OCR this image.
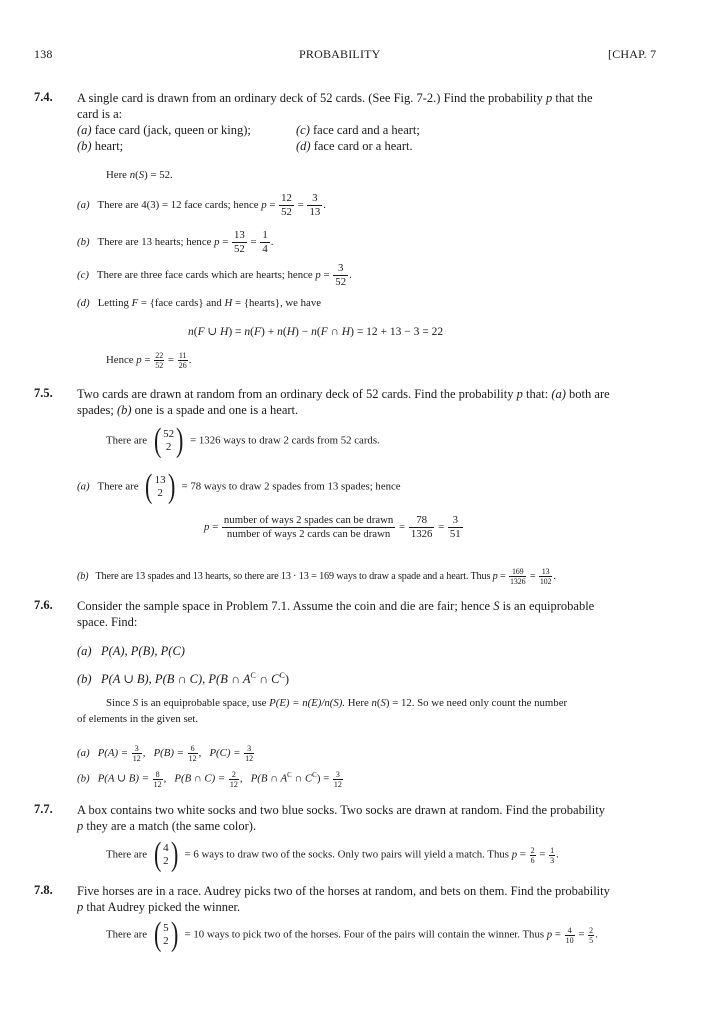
138	PROBABILITY	[CHAP. 7
7.4. A single card is drawn from an ordinary deck of 52 cards. (See Fig. 7-2.) Find the probability p that the
card is a:
(a) face card (jack, queen or king);	(c) face card and a heart;
(b) heart;	(d) face card or a heart.
Here n(S) = 52.
(a) There are 4(3) = 12 face cards; hence $p = \frac{12}{52} = \frac{3}{13}$ .
(b) There are 13 hearts; hence $p = \frac{13}{52} = \frac{1}{4}$ .
(c) There are three face cards which are hearts; hence $p = \frac{3}{52}$ .
(d) Letting F = {face cards} and H = {hearts}, we have
n(F ∪ H) = n(F) + n(H) − n(F ∩ H) = 12 + 13 − 3 = 22
Hence $p = \frac{22}{52} = \frac{11}{26}$ .
7.5. Two cards are drawn at random from an ordinary deck of 52 cards. Find the probability p that: (a) both are
spades; (b) one is a spade and one is a heart.
There are ( 52
2 ) = 1326 ways to draw 2 cards from 52 cards.
(a) There are ( 13
2 ) = 78 ways to draw 2 spades from 13 spades; hence
$p = \frac{\text{number of ways 2 spades can be drawn}}{\text{number of ways 2 cards can be drawn}} = \frac{78}{1326} = \frac{3}{51}$
(b) There are 13 spades and 13 hearts, so there are 13 · 13 = 169 ways to draw a spade and a heart. Thus $p = \frac{169}{1326} = \frac{13}{102}$ .
7.6. Consider the sample space in Problem 7.1. Assume the coin and die are fair; hence S is an equiprobable
space. Find:
(a) P(A), P(B), P(C)
(b) P(A ∪ B), P(B ∩ C), P(B ∩ $A^C$ ∩ $C^C$)
Since S is an equiprobable space, use P(E) = n(E)/n(S). Here n(S) = 12. So we need only count the number
of elements in the given set.
(a) $P(A) = \frac{3}{12}$ ,   $P(B) = \frac{6}{12}$ ,   $P(C) = \frac{3}{12}$
(b) P(A ∪ $B) = \frac{8}{12}$ ,   P(B ∩ $C) = \frac{2}{12}$ ,   P(B ∩ $A^C$ ∩ $C^C) = \frac{3}{12}$
7.7. A box contains two white socks and two blue socks. Two socks are drawn at random. Find the probability
p they are a match (the same color).
There are ( 4
2 ) = 6 ways to draw two of the socks. Only two pairs will yield a match. Thus $p = \frac{2}{6} = \frac{1}{3}$ .
7.8. Five horses are in a race. Audrey picks two of the horses at random, and bets on them. Find the probability
p that Audrey picked the winner.
There are ( 5
2 ) = 10 ways to pick two of the horses. Four of the pairs will contain the winner. Thus $p = \frac{4}{10} = \frac{2}{5}$ .
